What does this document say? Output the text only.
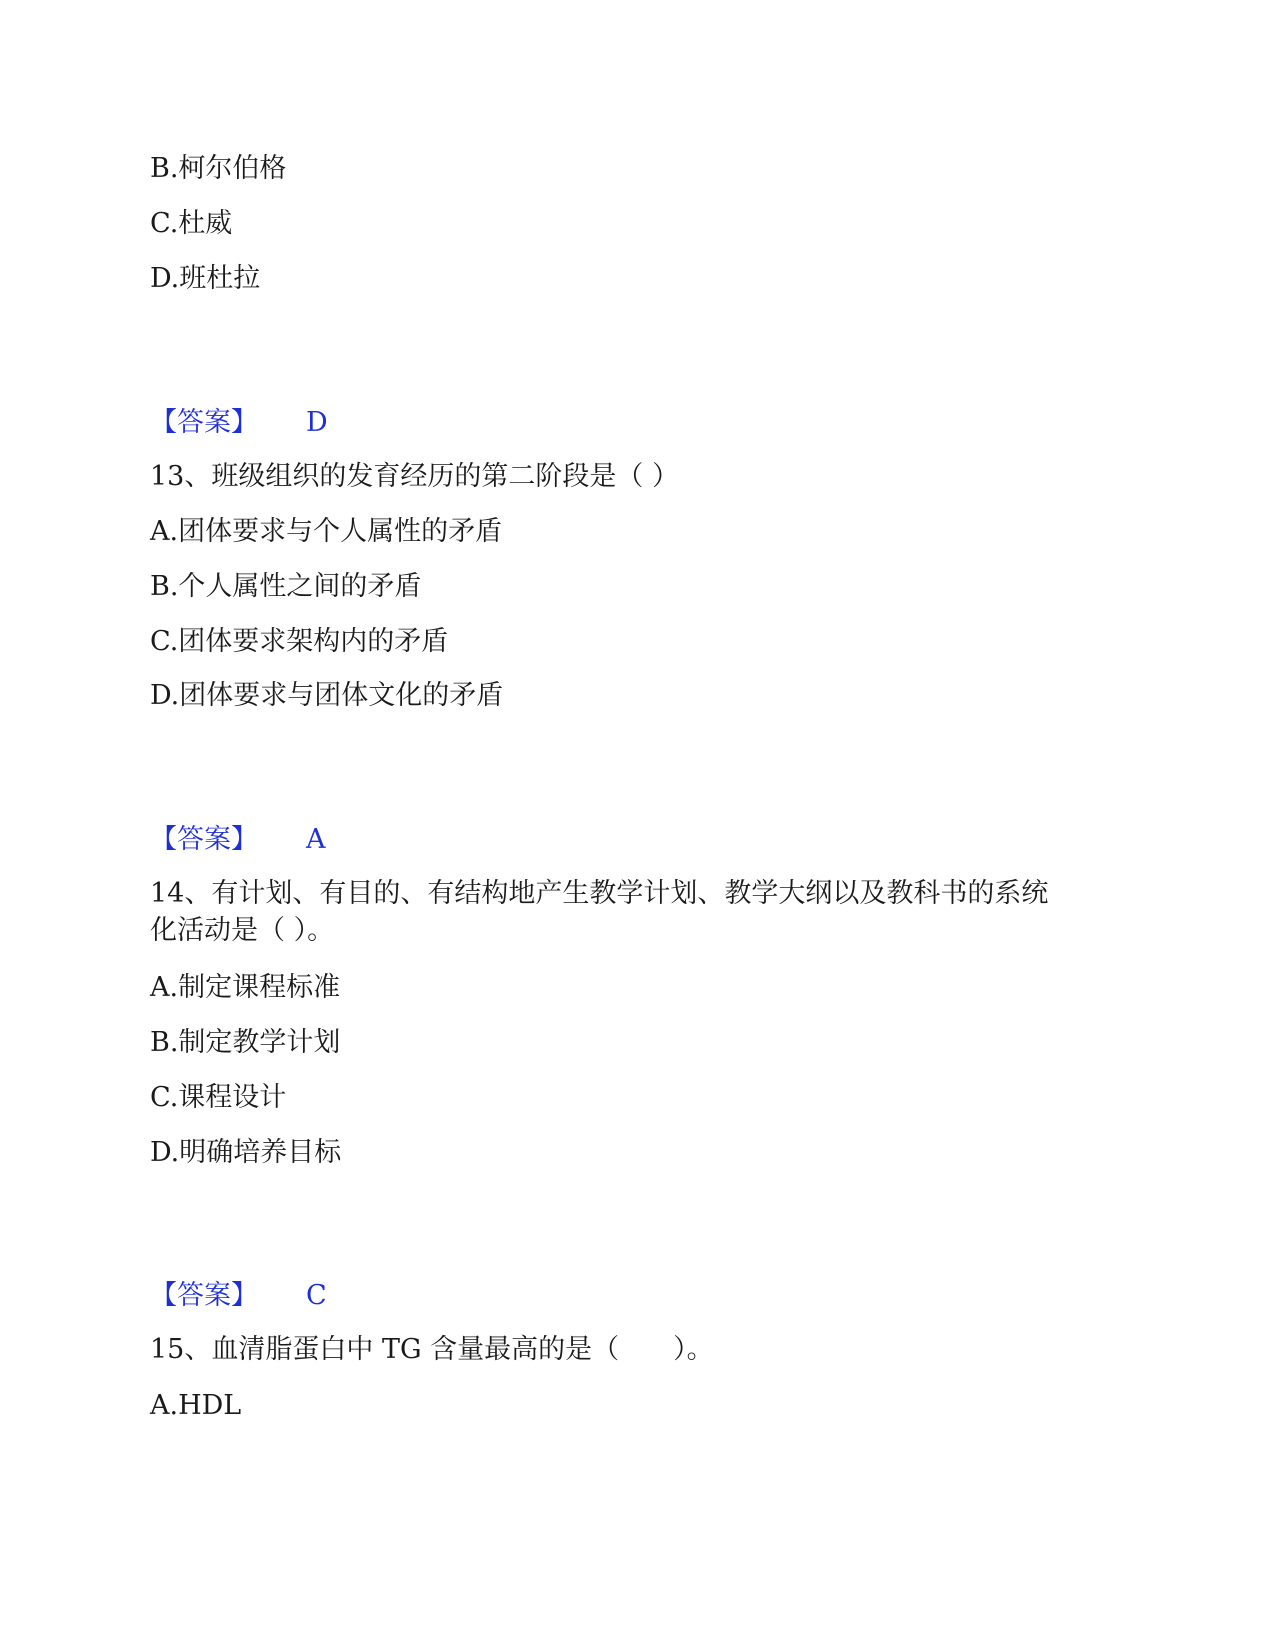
B.柯尔伯格
C.杜威
D.班杜拉
【答案】 D
13、班级组织的发育经历的第二阶段是（ ）
A.团体要求与个人属性的矛盾
B.个人属性之间的矛盾
C.团体要求架构内的矛盾
D.团体要求与团体文化的矛盾
【答案】 A
14、有计划、有目的、有结构地产生教学计划、教学大纲以及教科书的系统
化活动是（ ）。
A.制定课程标准
B.制定教学计划
C.课程设计
D.明确培养目标
【答案】 C
15、血清脂蛋白中 TG 含量最高的是（　　）。
A.HDL
